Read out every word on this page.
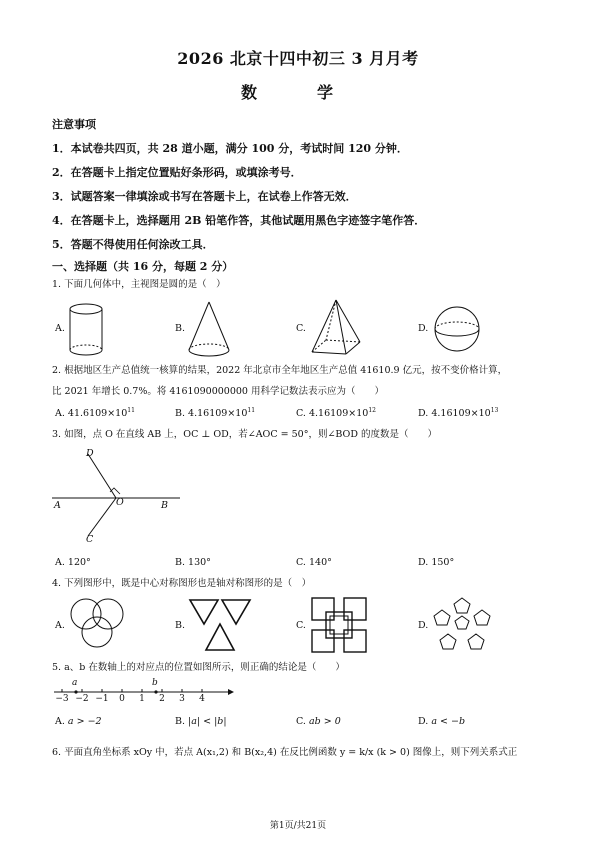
2026 北京十四中初三 3 月月考
数　学
注意事项
1．本试卷共四页，共 28 道小题，满分 100 分，考试时间 120 分钟．
2．在答题卡上指定位置贴好条形码，或填涂考号．
3．试题答案一律填涂或书写在答题卡上，在试卷上作答无效．
4．在答题卡上，选择题用 2B 铅笔作答，其他试题用黑色字迹签字笔作答．
5．答题不得使用任何涂改工具．
一、选择题（共 16 分，每题 2 分）
1. 下面几何体中，主视图是圆的是（　）
A.	B.	C.	D.
2. 根据地区生产总值统一核算的结果，2022 年北京市全年地区生产总值 41610.9 亿元，按不变价格计算，
比 2021 年增长 0.7%。将 4161090000000 用科学记数法表示应为（　　）
A. $41.6109\times 10^{11}$	B. $4.16109\times 10^{11}$	C. $4.16109\times 10^{12}$	D. $4.16109\times 10^{13}$
3. 如图，点 O 在直线 AB 上，OC ⊥ OD，若∠AOC = 50°，则∠BOD 的度数是（　　）
D
A	O	B
C
A. 120°	B. 130°	C. 140°	D. 150°
4. 下列图形中，既是中心对称图形也是轴对称图形的是（　）
A.	B.	C.	D.
5. a、b 在数轴上的对应点的位置如图所示，则正确的结论是（　　）
−3 −2 −1	0	1	2	3	4
a	b
A. a > −2	B. |a| < |b|	C. ab > 0	D. a < −b
6. 平面直角坐标系 xOy 中，若点 A(x₁,2) 和 B(x₂,4) 在反比例函数 y = k/x (k > 0) 图像上，则下列关系式正
第1页/共21页
